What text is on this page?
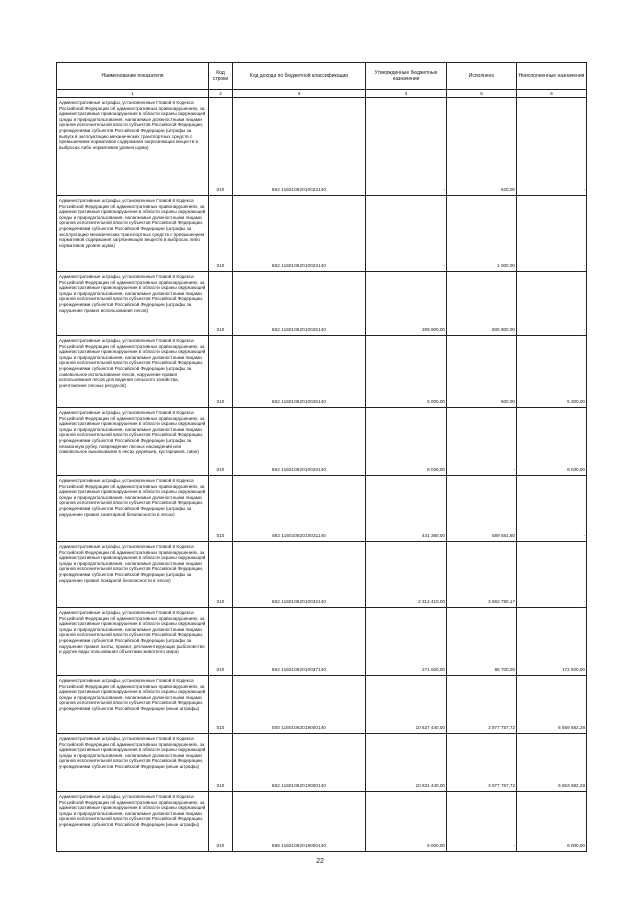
Наименование показателя	Код строки	Код дохода по бюджетной классификации	Утвержденные бюджетные назначения	Исполнено	Неисполненные назначения
1	2	3	4	5	6
Административные штрафы, установленные Главой 8 Кодекса Российской Федерации об административных правонарушениях, за административные правонарушения в области охраны окружающей среды и природопользования, налагаемые должностными лицами органов исполнительной власти субъектов Российской Федерации, учреждениями субъектов Российской Федерации (штрафы за выпуск в эксплуатацию механических транспортных средств с превышением нормативов содержания загрязняющих веществ в выбросах либо нормативов уровня шума)	010	862 11601082010022140	-	620,00	-
Административные штрафы, установленные Главой 8 Кодекса Российской Федерации об административных правонарушениях, за административные правонарушения в области охраны окружающей среды и природопользования, налагаемые должностными лицами органов исполнительной власти субъектов Российской Федерации, учреждениями субъектов Российской Федерации (штрафы за эксплуатацию механических транспортных средств с превышением нормативов содержания загрязняющих веществ в выбросах либо нормативов уровня шума)	010	862 11601082010023140	-	1 000,00	-
Административные штрафы, установленные Главой 8 Кодекса Российской Федерации об административных правонарушениях, за административные правонарушения в области охраны окружающей среды и природопользования, налагаемые должностными лицами органов исполнительной власти субъектов Российской Федерации, учреждениями субъектов Российской Федерации (штрафы за нарушение правил использования лесов)	010	862 11601082010025140	299 900,00	605 900,00	-
Административные штрафы, установленные Главой 8 Кодекса Российской Федерации об административных правонарушениях, за административные правонарушения в области охраны окружающей среды и природопользования, налагаемые должностными лицами органов исполнительной власти субъектов Российской Федерации, учреждениями субъектов Российской Федерации (штрафы за самовольное использование лесов, нарушение правил использования лесов для ведения сельского хозяйства, уничтожение лесных ресурсов)	010	862 11601082010026140	5 000,00	500,00	5 300,00
Административные штрафы, установленные Главой 8 Кодекса Российской Федерации об административных правонарушениях, за административные правонарушения в области охраны окружающей среды и природопользования, налагаемые должностными лицами органов исполнительной власти субъектов Российской Федерации, учреждениями субъектов Российской Федерации (штрафы за незаконную рубку, повреждение лесных насаждений или самовольное выкапывание в лесах деревьев, кустарников, лиан)	010	862 11601082010028140	8 030,00	-	8 030,00
Административные штрафы, установленные Главой 8 Кодекса Российской Федерации об административных правонарушениях, за административные правонарушения в области охраны окружающей среды и природопользования, налагаемые должностными лицами органов исполнительной власти субъектов Российской Федерации, учреждениями субъектов Российской Федерации (штрафы за нарушение правил санитарной безопасности в лесах)	010	862 11601082010031140	441 380,00	589 581,80	-
Административные штрафы, установленные Главой 8 Кодекса Российской Федерации об административных правонарушениях, за административные правонарушения в области охраны окружающей среды и природопользования, налагаемые должностными лицами органов исполнительной власти субъектов Российской Федерации, учреждениями субъектов Российской Федерации (штрафы за нарушение правил пожарной безопасности в лесах)	010	862 11601082010032140	2 312 410,00	3 562 780,17	-
Административные штрафы, установленные Главой 8 Кодекса Российской Федерации об административных правонарушениях, за административные правонарушения в области охраны окружающей среды и природопользования, налагаемые должностными лицами органов исполнительной власти субъектов Российской Федерации, учреждениями субъектов Российской Федерации (штрафы за нарушение правил охоты, правил, регламентирующих рыболовство и другие виды пользования объектами животного мира)	010	862 11601082010037140	271 620,00	95 700,00	172 920,00
Административные штрафы, установленные Главой 8 Кодекса Российской Федерации об административных правонарушениях, за административные правонарушения в области охраны окружающей среды и природопользования, налагаемые должностными лицами органов исполнительной власти субъектов Российской Федерации, учреждениями субъектов Российской Федерации (иные штрафы)	010	000 11601082019000140	10 637 440,00	3 977 757,72	6 659 682,28
Административные штрафы, установленные Главой 8 Кодекса Российской Федерации об административных правонарушениях, за административные правонарушения в области охраны окружающей среды и природопользования, налагаемые должностными лицами органов исполнительной власти субъектов Российской Федерации, учреждениями субъектов Российской Федерации (иные штрафы)	010	862 11601082019000140	10 631 440,00	3 977 757,72	6 653 682,28
Административные штрафы, установленные Главой 8 Кодекса Российской Федерации об административных правонарушениях, за административные правонарушения в области охраны окружающей среды и природопользования, налагаемые должностными лицами органов исполнительной власти субъектов Российской Федерации, учреждениями субъектов Российской Федерации (иные штрафы)	010	988 11601082019000140	6 000,00	-	6 000,00
22
